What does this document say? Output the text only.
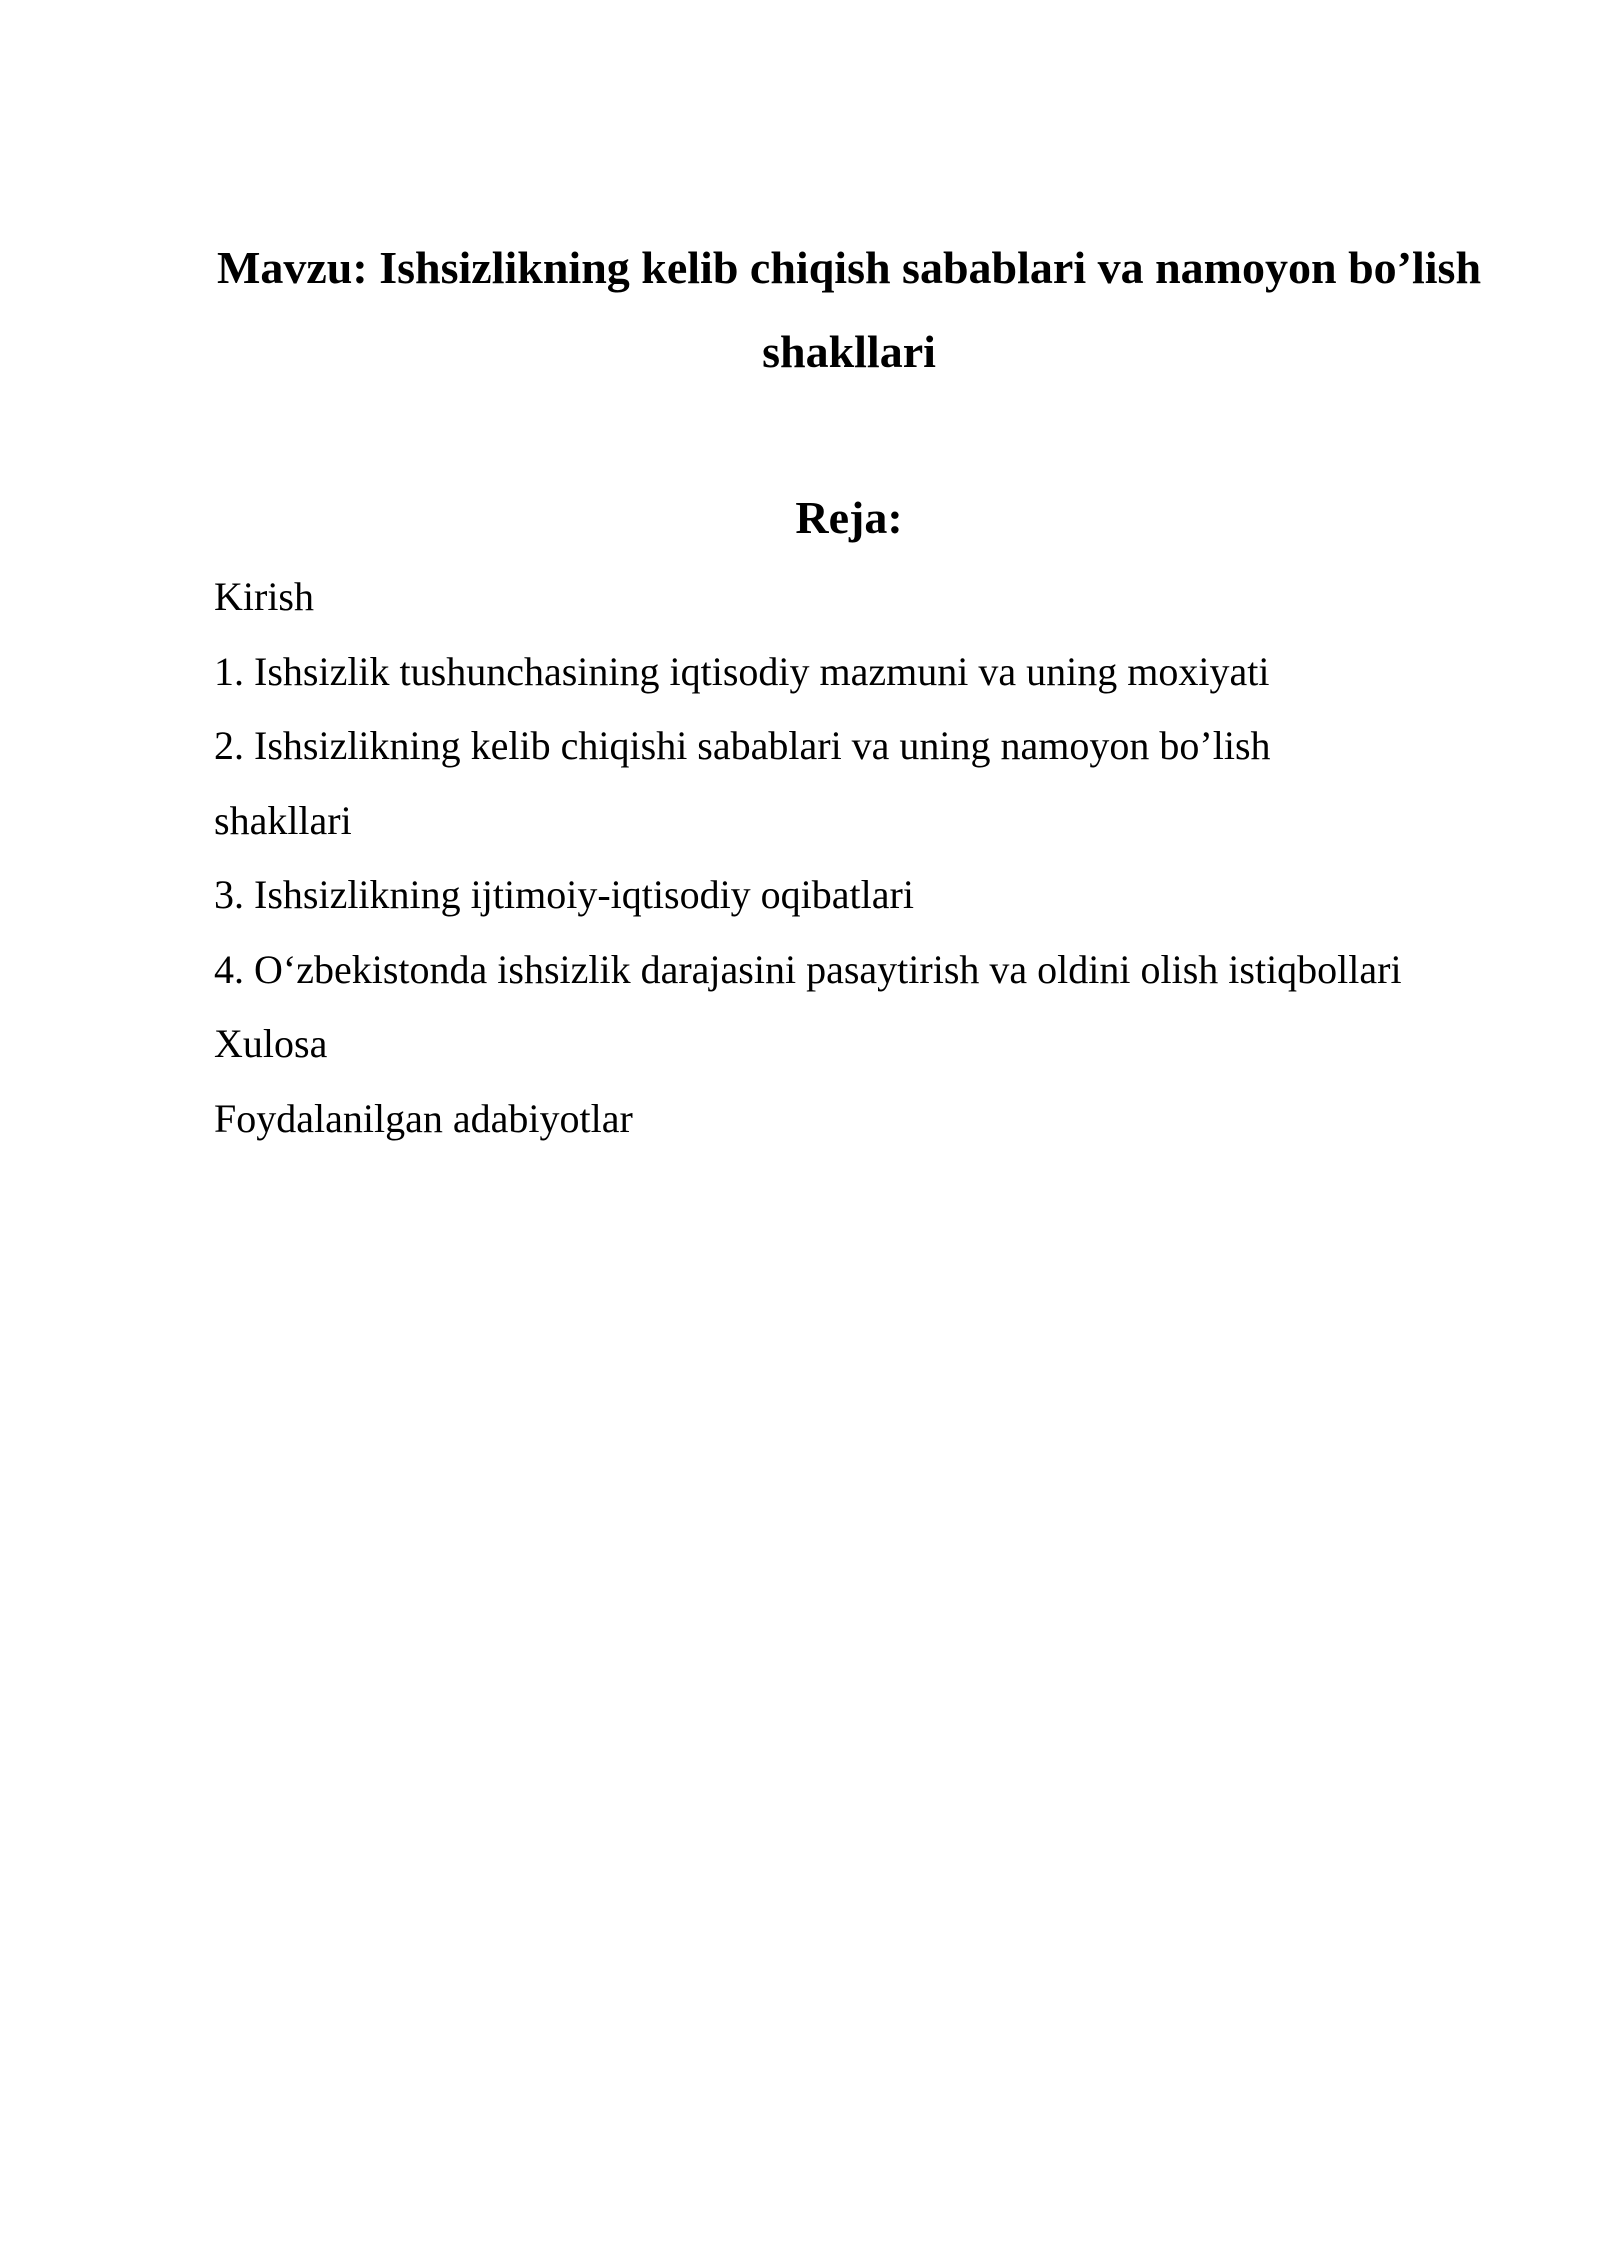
Mavzu: Ishsizlikning kelib chiqish sabablari va namoyon bo’lish shakllari
Reja:
Kirish
1. Ishsizlik tushunchasining iqtisodiy mazmuni va uning moxiyati
2. Ishsizlikning kelib chiqishi sabablari va uning namoyon bo’lish shakllari
3. Ishsizlikning ijtimoiy-iqtisodiy oqibatlari
4. O‘zbekistonda ishsizlik darajasini pasaytirish va oldini olish istiqbollari
Xulosa
Foydalanilgan adabiyotlar
